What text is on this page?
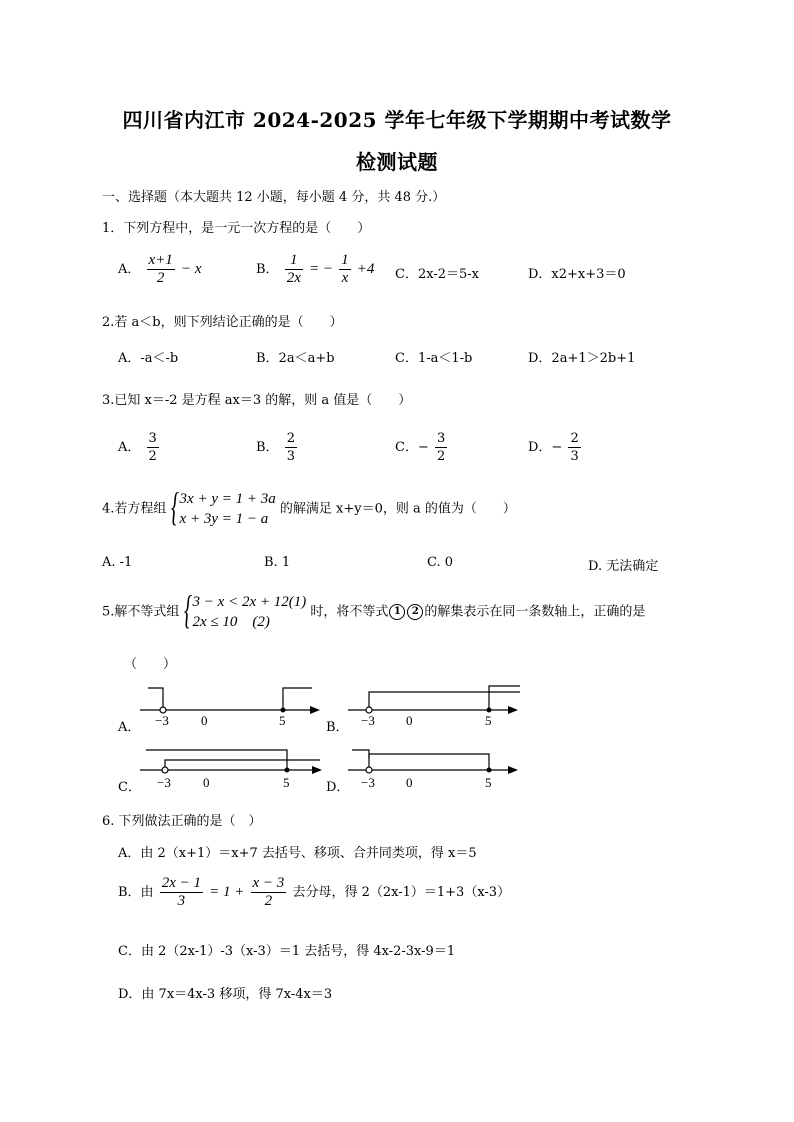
四川省内江市 2024-2025 学年七年级下学期期中考试数学
检测试题
一、选择题（本大题共 12 小题，每小题 4 分，共 48 分.）
1．下列方程中，是一元一次方程的是（　　）
A． $\frac{x+1}{2} - x$	B． $\frac{1}{2x}$ = − $\frac{1}{x} +4$ C．2x-2＝5-x	D．x2+x+3＝0
2.若 a＜b，则下列结论正确的是（　　）
A．-a＜-b	B．2a＜a+b	C．1-a＜1-b	D．2a+1＞2b+1
3.已知 x＝-2 是方程 ax＝3 的解，则 a 值是（　　）
A． $\frac{3}{2}$	B． $\frac{2}{3}$	C．− $\frac{3}{2}$	D．− $\frac{2}{3}$
4.若方程组 { 3x + y = 1 + 3a
x + 3y = 1 − a
的解满足 x+y＝0，则 a 的值为（　　）
A. -1	B. 1	C. 0	D. 无法确定
5.解不等式组 { 3 − x < 2x + 12(1)
2x ≤ 10　(2)
时，将不等式 1 2 的解集表示在同一条数轴上，正确的是
（　　）
A．	B．
C．	D．
−3 0	5	−3 0	5
−3 0	5	−3 0	5
6. 下列做法正确的是（　）
A．由 2（x+1）＝x+7 去括号、移项、合并同类项，得 x＝5
B．由 $\frac{2x - 1}{3} = 1 + \frac{x - 3}{2}$ 去分母，得 2（2x-1）＝1+3（x-3）
C．由 2（2x-1）-3（x-3）＝1 去括号，得 4x-2-3x-9＝1
D．由 7x＝4x-3 移项，得 7x-4x＝3
